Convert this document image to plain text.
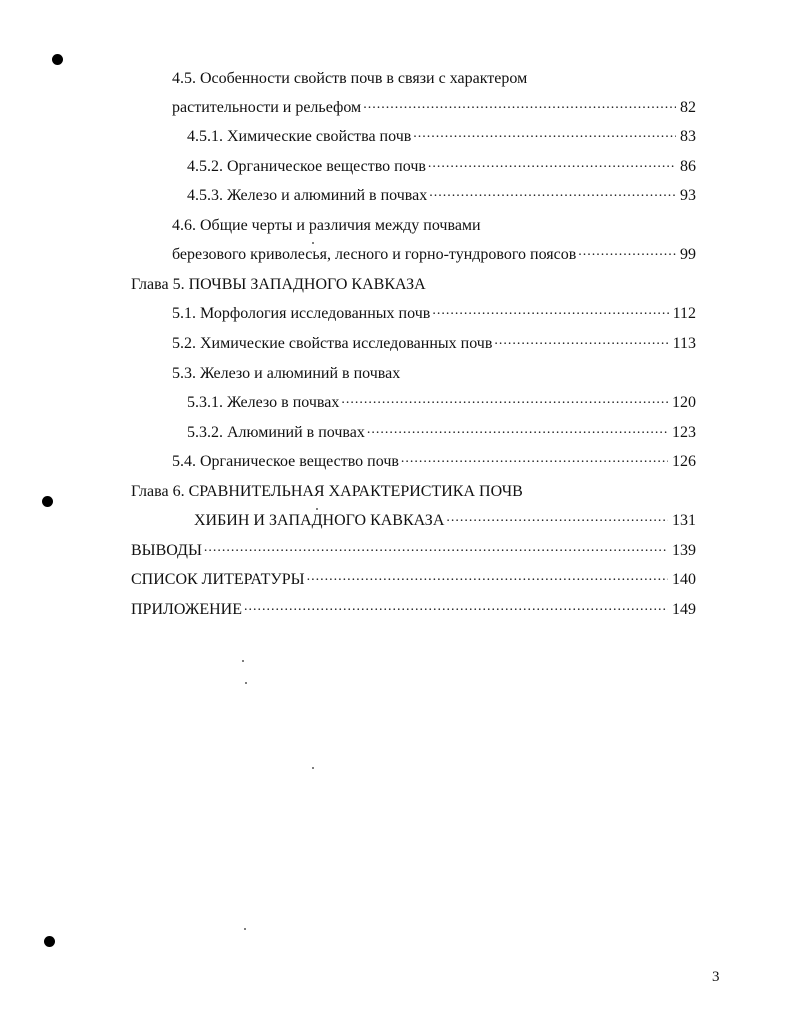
4.5. Особенности свойств почв в связи с характером
растительности и рельефом .....	82
4.5.1. Химические свойства почв .....	83
4.5.2. Органическое вещество почв .....	86
4.5.3. Железо и алюминий в почвах .....	93
4.6. Общие черты и различия между почвами
березового криволесья, лесного и горно-тундрового поясов .....	99
Глава 5. ПОЧВЫ ЗАПАДНОГО КАВКАЗА
5.1. Морфология исследованных почв .....	112
5.2. Химические свойства исследованных почв .....	113
5.3. Железо и алюминий в почвах
5.3.1. Железо в почвах .....	120
5.3.2. Алюминий в почвах .....	123
5.4. Органическое вещество почв .....	126
Глава 6. СРАВНИТЕЛЬНАЯ ХАРАКТЕРИСТИКА ПОЧВ
ХИБИН И ЗАПАДНОГО КАВКАЗА .....	131
ВЫВОДЫ .....	139
СПИСОК ЛИТЕРАТУРЫ .....	140
ПРИЛОЖЕНИЕ .....	149
3
